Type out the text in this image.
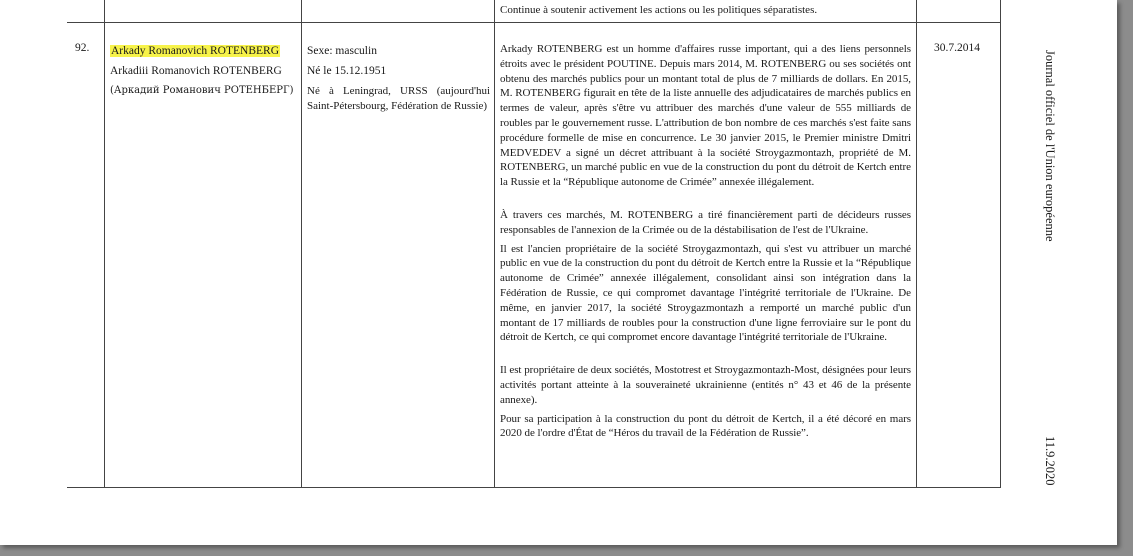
Continue à soutenir activement les actions ou les politiques séparatistes.
92. Arkady Romanovich ROTENBERG
Arkadiii Romanovich ROTENBERG
(Аркадий Романович РОТЕНБЕРГ)
Sexe: masculin
Né le 15.12.1951
Né à Leningrad, URSS (aujourd'hui Saint-Pétersbourg, Fédération de Russie)

Arkady ROTENBERG est un homme d'affaires russe important, qui a des liens personnels étroits avec le président POUTINE. Depuis mars 2014, M. ROTENBERG ou ses sociétés ont obtenu des marchés publics pour un montant total de plus de 7 milliards de dollars. En 2015, M. ROTENBERG figurait en tête de la liste annuelle des adjudicataires de marchés publics en termes de valeur, après s'être vu attribuer des marchés d'une valeur de 555 milliards de roubles par le gouvernement russe. L'attribution de bon nombre de ces marchés s'est faite sans procédure formelle de mise en concurrence. Le 30 janvier 2015, le Premier ministre Dmitri MEDVEDEV a signé un décret attribuant à la société Stroygazmontazh, propriété de M. ROTENBERG, un marché public en vue de la construction du pont du détroit de Kertch entre la Russie et la “République autonome de Crimée” annexée illégalement.

À travers ces marchés, M. ROTENBERG a tiré financièrement parti de décideurs russes responsables de l'annexion de la Crimée ou de la déstabilisation de l'est de l'Ukraine.

Il est l'ancien propriétaire de la société Stroygazmontazh, qui s'est vu attribuer un marché public en vue de la construction du pont du détroit de Kertch entre la Russie et la “République autonome de Crimée” annexée illégalement, consolidant ainsi son intégration dans la Fédération de Russie, ce qui compromet davantage l'intégrité territoriale de l'Ukraine. De même, en janvier 2017, la société Stroygazmontazh a remporté un marché public d'un montant de 17 milliards de roubles pour la construction d'une ligne ferroviaire sur le pont du détroit de Kertch, ce qui compromet encore davantage l'intégrité territoriale de l'Ukraine.

Il est propriétaire de deux sociétés, Mostotrest et Stroygazmontazh-Most, désignées pour leurs activités portant atteinte à la souveraineté ukrainienne (entités n° 43 et 46 de la présente annexe).

Pour sa participation à la construction du pont du détroit de Kertch, il a été décoré en mars 2020 de l'ordre d'État de “Héros du travail de la Fédération de Russie”.

30.7.2014
Journal officiel de l'Union européenne
11.9.2020
